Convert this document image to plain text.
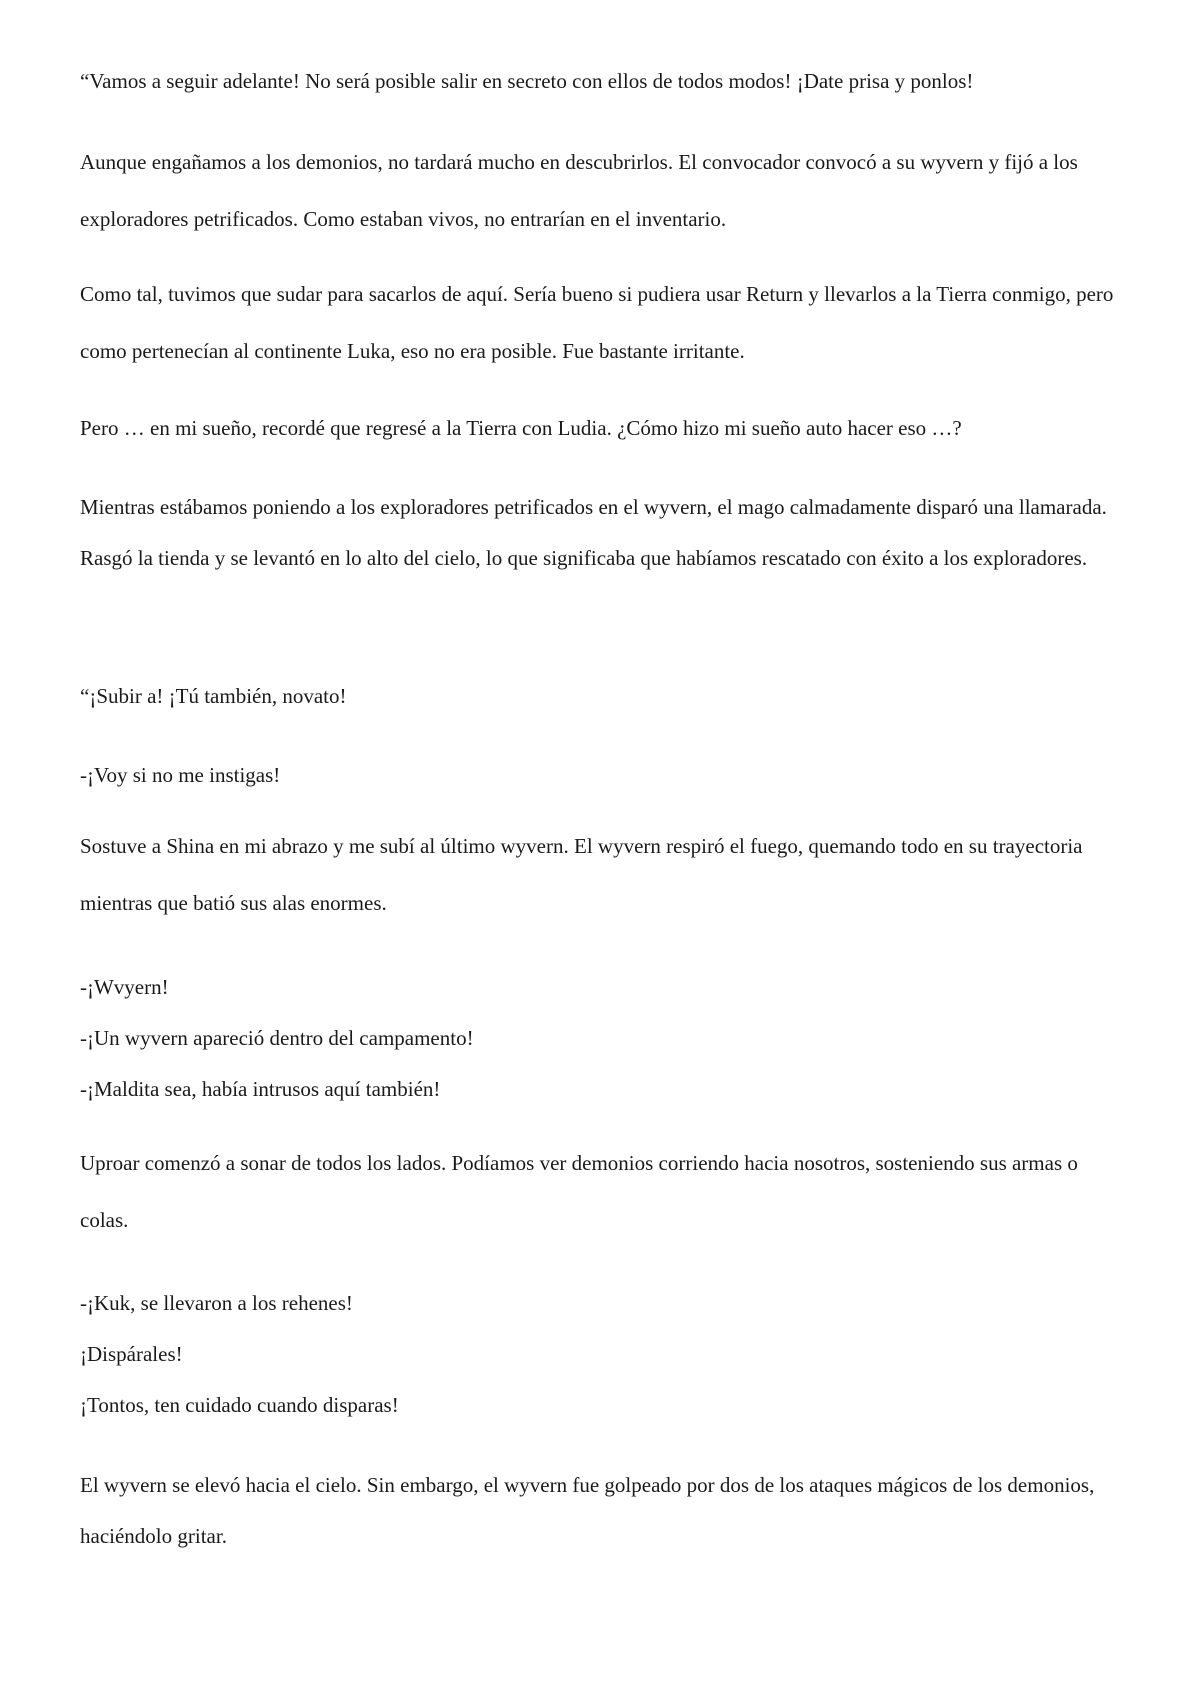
“Vamos a seguir adelante! No será posible salir en secreto con ellos de todos modos! ¡Date prisa y ponlos!

Aunque engañamos a los demonios, no tardará mucho en descubrirlos. El convocador convocó a su wyvern y fijó a los exploradores petrificados. Como estaban vivos, no entrarían en el inventario.

Como tal, tuvimos que sudar para sacarlos de aquí. Sería bueno si pudiera usar Return y llevarlos a la Tierra conmigo, pero como pertenecían al continente Luka, eso no era posible. Fue bastante irritante.

Pero … en mi sueño, recordé que regresé a la Tierra con Ludia. ¿Cómo hizo mi sueño auto hacer eso …?

Mientras estábamos poniendo a los exploradores petrificados en el wyvern, el mago calmadamente disparó una llamarada. Rasgó la tienda y se levantó en lo alto del cielo, lo que significaba que habíamos rescatado con éxito a los exploradores.

“¡Subir a! ¡Tú también, novato!

-¡Voy si no me instigas!

Sostuve a Shina en mi abrazo y me subí al último wyvern. El wyvern respiró el fuego, quemando todo en su trayectoria mientras que batió sus alas enormes.

-¡Wvyern!

-¡Un wyvern apareció dentro del campamento!

-¡Maldita sea, había intrusos aquí también!

Uproar comenzó a sonar de todos los lados. Podíamos ver demonios corriendo hacia nosotros, sosteniendo sus armas o colas.

-¡Kuk, se llevaron a los rehenes!

¡Dispárales!

¡Tontos, ten cuidado cuando disparas!

El wyvern se elevó hacia el cielo. Sin embargo, el wyvern fue golpeado por dos de los ataques mágicos de los demonios, haciéndolo gritar.
